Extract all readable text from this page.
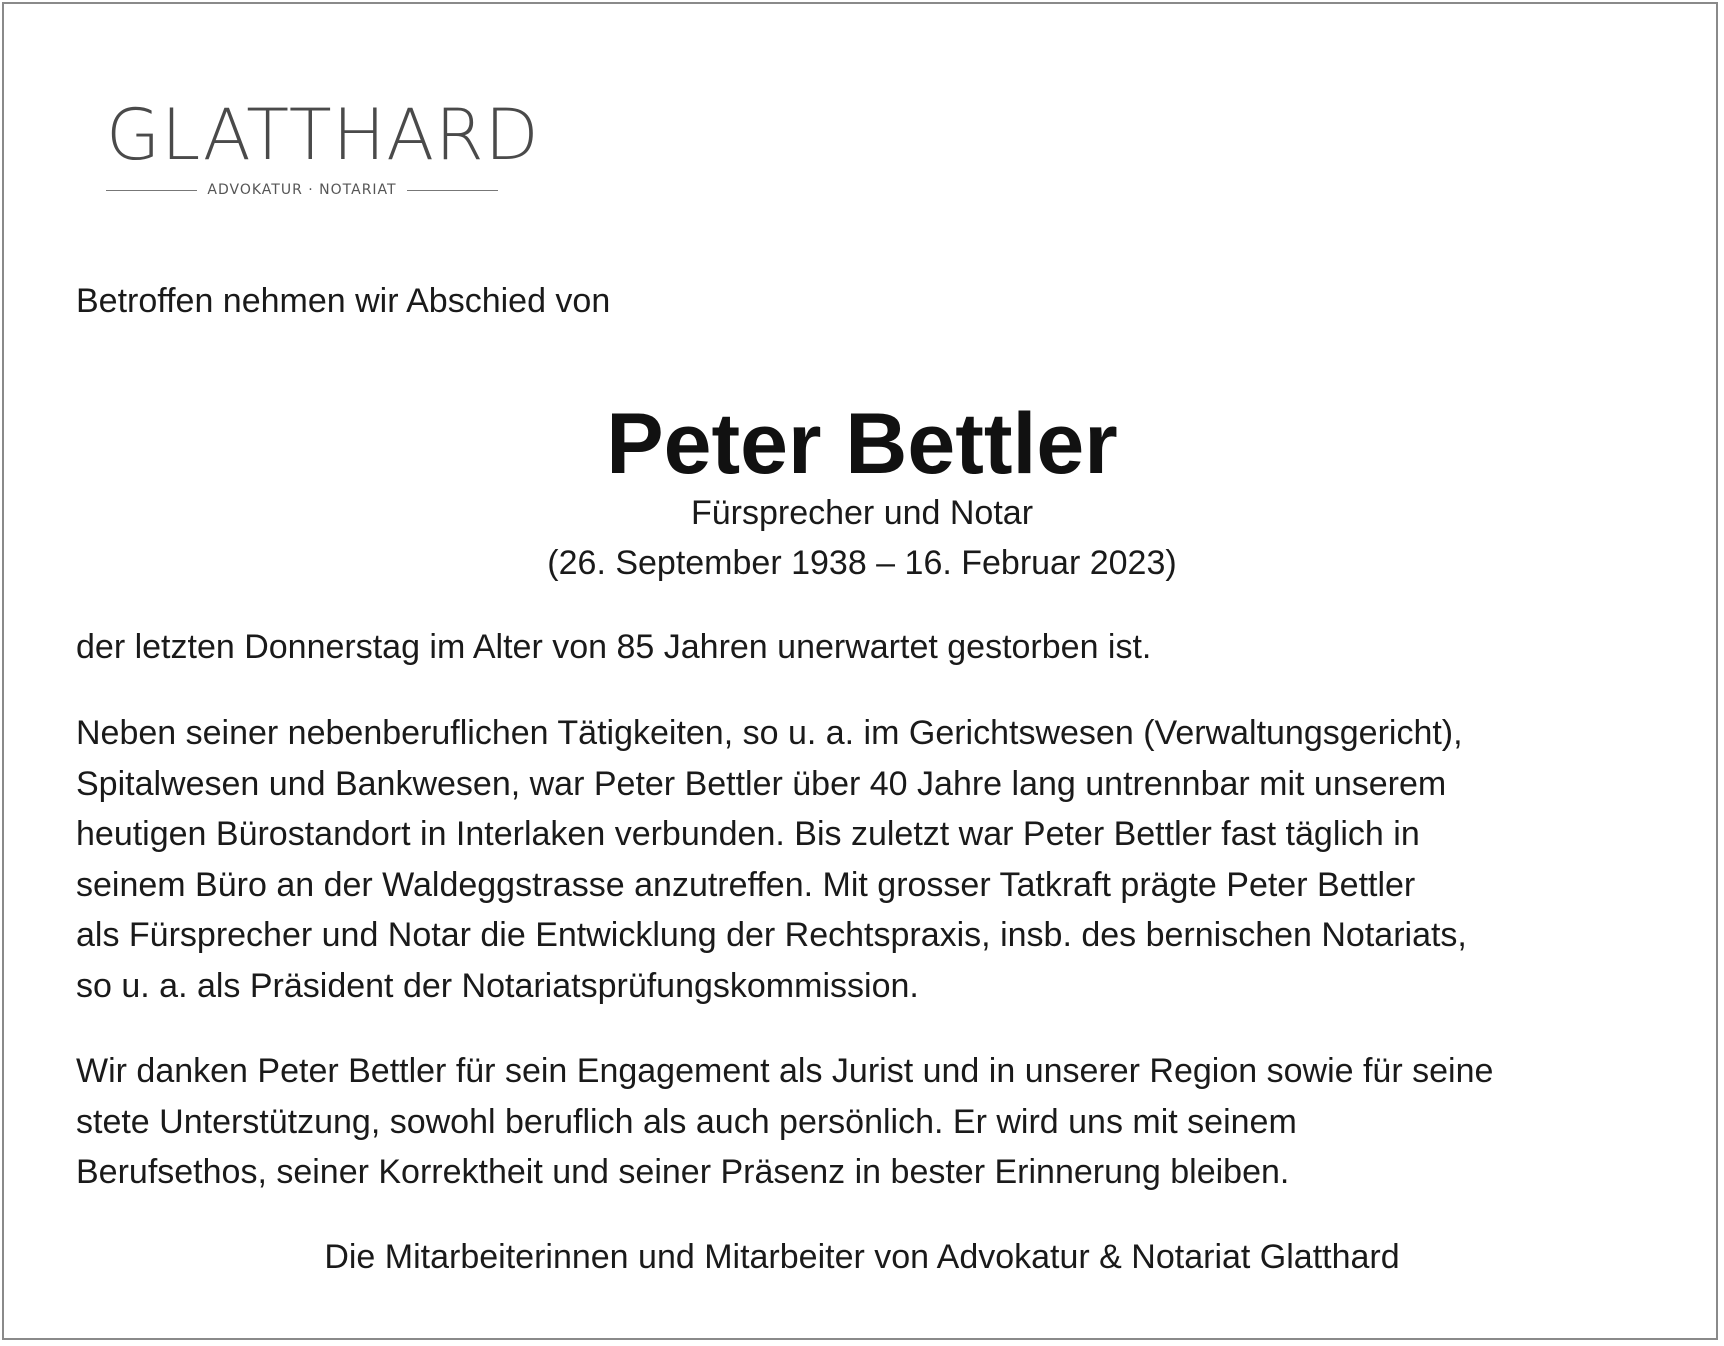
GLATTHARD
ADVOKATUR · NOTARIAT
Betroffen nehmen wir Abschied von
Peter Bettler
Fürsprecher und Notar
(26. September 1938 – 16. Februar 2023)
der letzten Donnerstag im Alter von 85 Jahren unerwartet gestorben ist.
Neben seiner nebenberuflichen Tätigkeiten, so u. a. im Gerichtswesen (Verwaltungsgericht),
Spitalwesen und Bankwesen, war Peter Bettler über 40 Jahre lang untrennbar mit unserem
heutigen Bürostandort in Interlaken verbunden. Bis zuletzt war Peter Bettler fast täglich in
seinem Büro an der Waldeggstrasse anzutreffen. Mit grosser Tatkraft prägte Peter Bettler
als Fürsprecher und Notar die Entwicklung der Rechtspraxis, insb. des bernischen Notariats,
so u. a. als Präsident der Notariatsprüfungskommission.
Wir danken Peter Bettler für sein Engagement als Jurist und in unserer Region sowie für seine
stete Unterstützung, sowohl beruflich als auch persönlich. Er wird uns mit seinem
Berufsethos, seiner Korrektheit und seiner Präsenz in bester Erinnerung bleiben.
Die Mitarbeiterinnen und Mitarbeiter von Advokatur & Notariat Glatthard
